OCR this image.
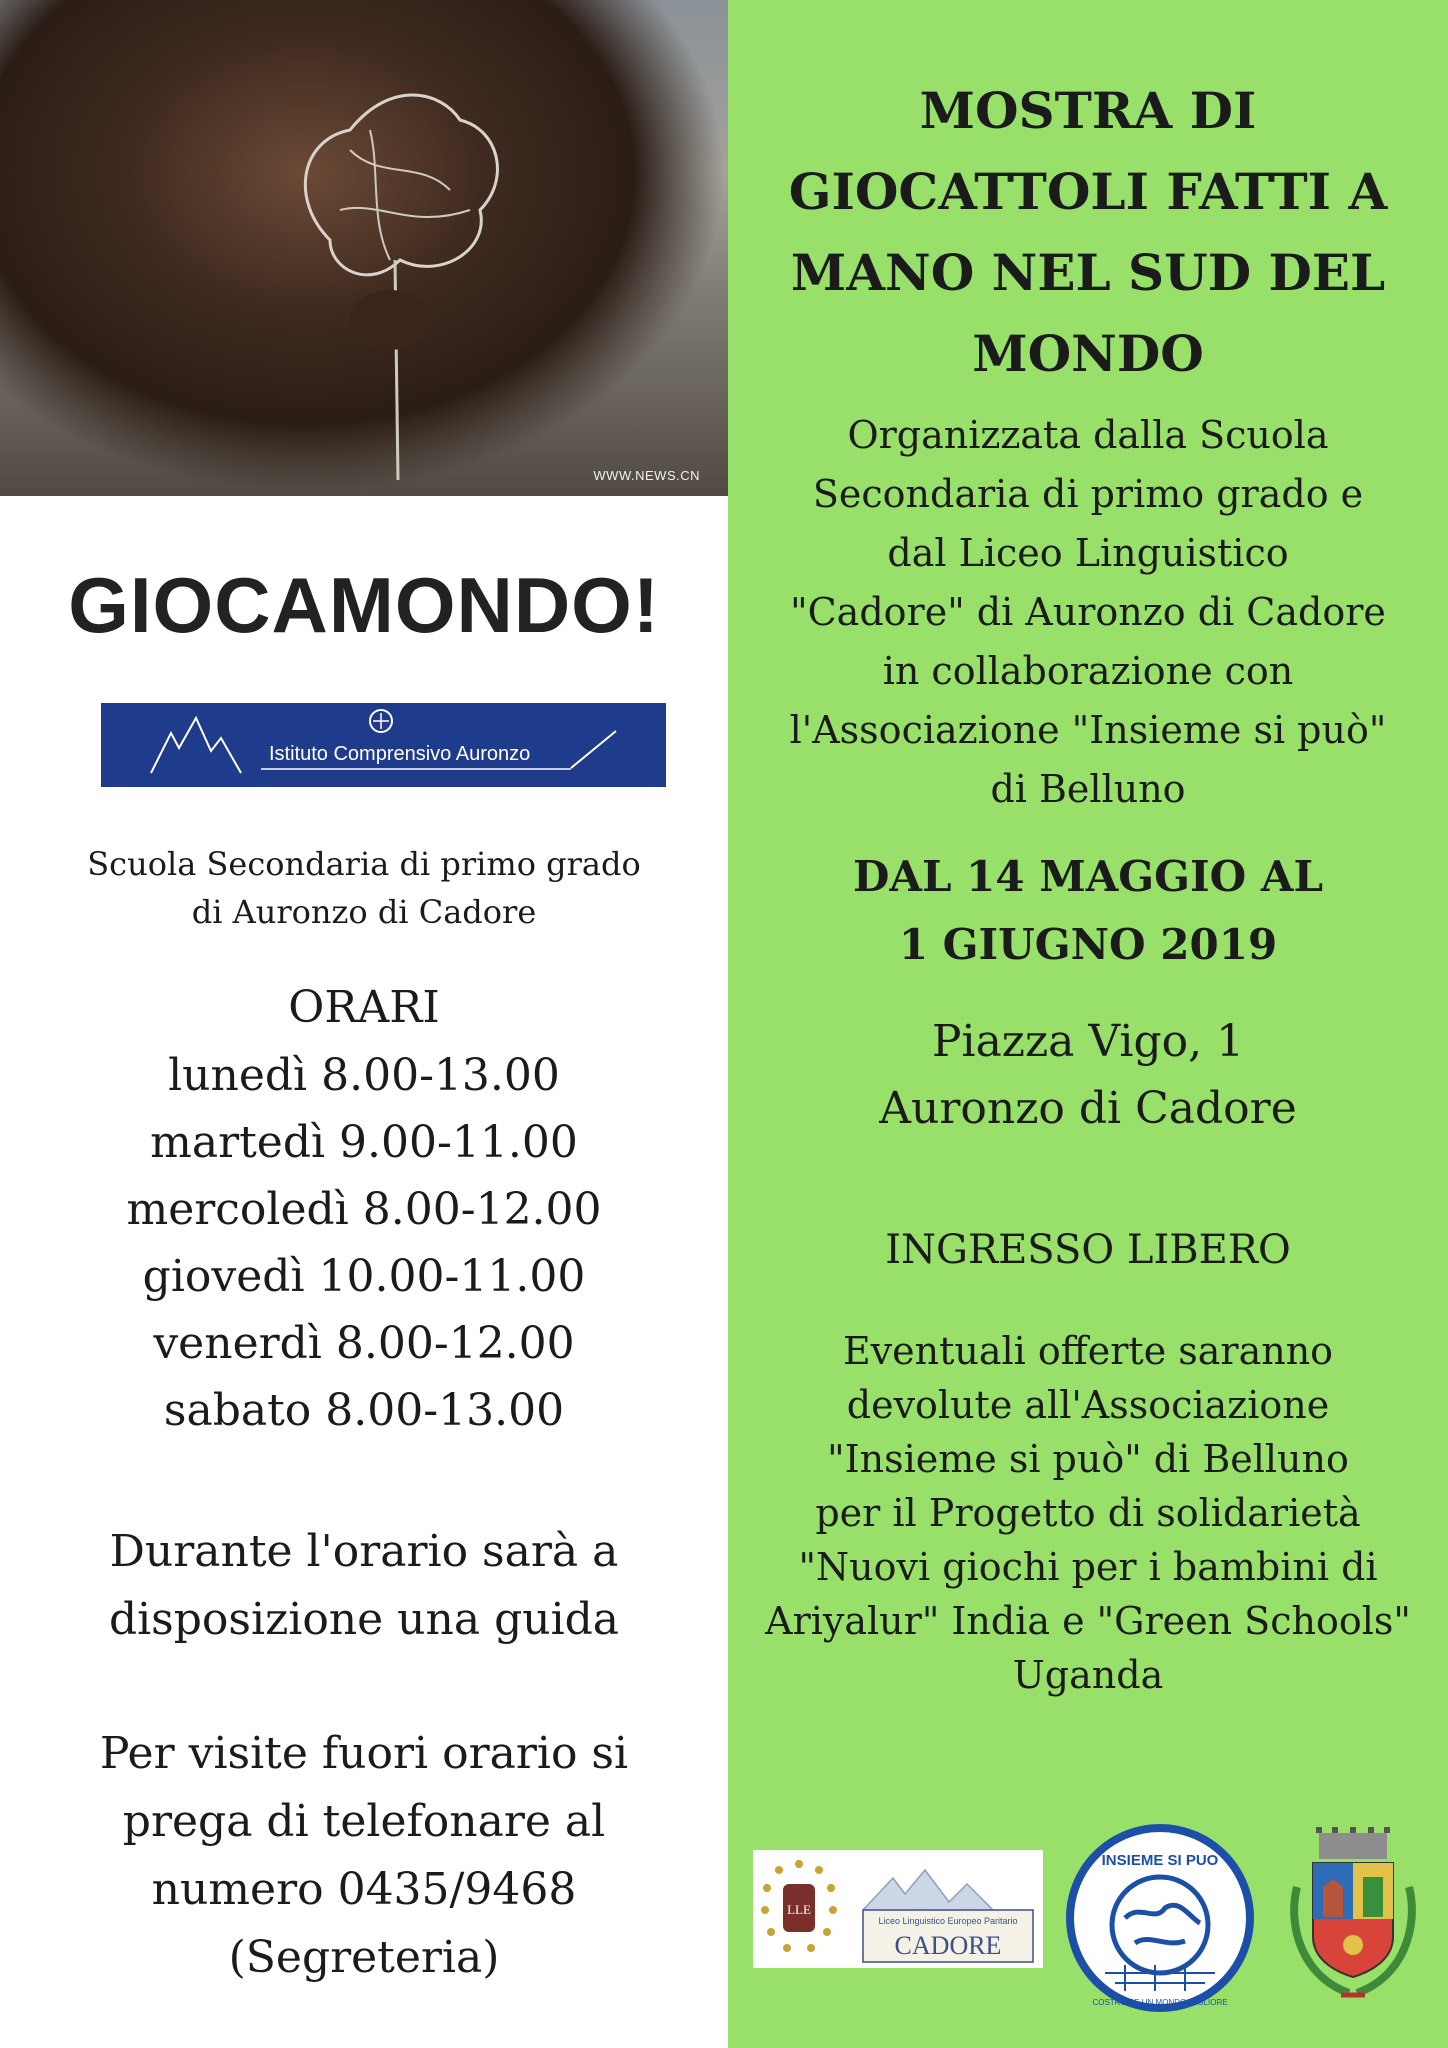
WWW.NEWS.CN
GIOCAMONDO!
Istituto Comprensivo Auronzo
Scuola Secondaria di primo grado
di Auronzo di Cadore
ORARI
lunedì 8.00-13.00
martedì 9.00-11.00
mercoledì 8.00-12.00
giovedì 10.00-11.00
venerdì 8.00-12.00
sabato 8.00-13.00
Durante l'orario sarà a
disposizione una guida
Per visite fuori orario si
prega di telefonare al
numero 0435/9468
(Segreteria)
MOSTRA DI
GIOCATTOLI FATTI A
MANO NEL SUD DEL
MONDO
Organizzata dalla Scuola
Secondaria di primo grado e
dal Liceo Linguistico
"Cadore" di Auronzo di Cadore
in collaborazione con
l'Associazione "Insieme si può"
di Belluno
DAL 14 MAGGIO AL
1 GIUGNO 2019
Piazza Vigo, 1
Auronzo di Cadore
INGRESSO LIBERO
Eventuali offerte saranno
devolute all'Associazione
"Insieme si può" di Belluno
per il Progetto di solidarietà
"Nuovi giochi per i bambini di
Ariyalur" India e "Green Schools"
Uganda
LLE
Liceo Linguistico Europeo Paritario
CADORE
INSIEME SI PUO
COSTRUIRE UN MONDO MIGLIORE
